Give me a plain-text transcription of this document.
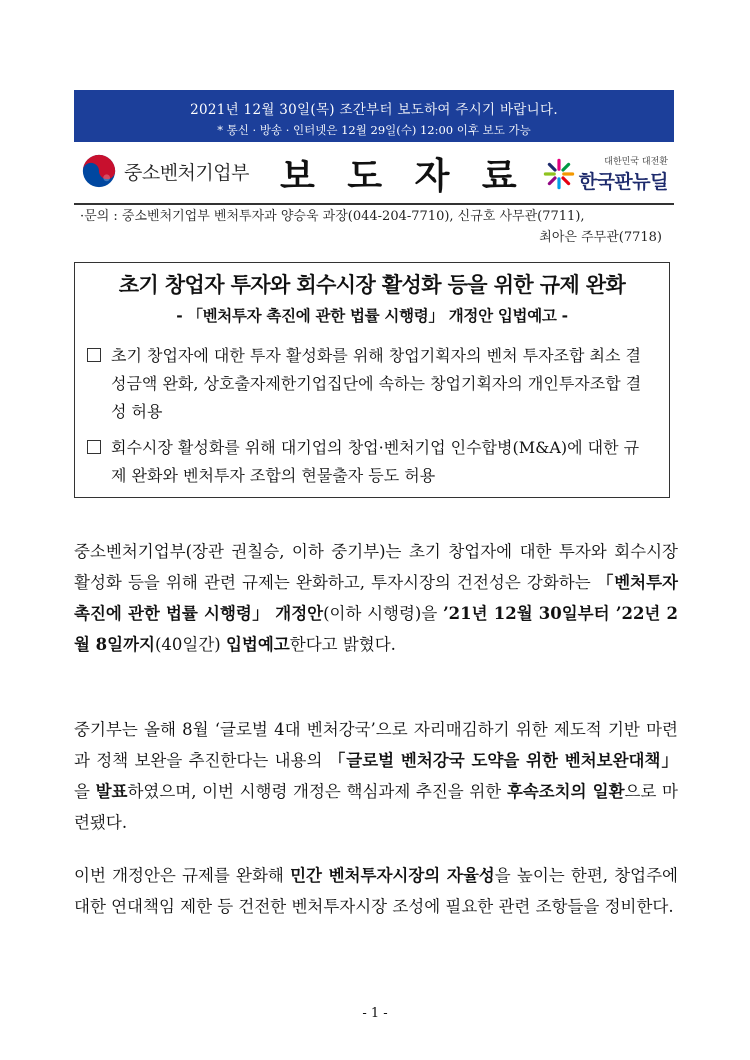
2021년 12월 30일(목) 조간부터 보도하여 주시기 바랍니다.
* 통신 · 방송 · 인터넷은 12월 29일(수) 12:00 이후 보도 가능
중소벤처기업부 보 도 자 료	대한민국 대전환
한국판뉴딜
·문의 : 중소벤처기업부 벤처투자과 양승욱 과장(044-204-7710), 신규호 사무관(7711),
최아은 주무관(7718)
초기 창업자 투자와 회수시장 활성화 등을 위한 규제 완화
- 「벤처투자 촉진에 관한 법률 시행령」 개정안 입법예고 -
초기 창업자에 대한 투자 활성화를 위해 창업기획자의 벤처 투자조합 최소 결성금액 완화, 상호출자제한기업집단에 속하는 창업기획자의 개인투자조합 결성 허용
회수시장 활성화를 위해 대기업의 창업·벤처기업 인수합병(M&A)에 대한 규제 완화와 벤처투자 조합의 현물출자 등도 허용
중소벤처기업부(장관 권칠승, 이하 중기부)는 초기 창업자에 대한 투자와 회수시장 활성화 등을 위해 관련 규제는 완화하고, 투자시장의 건전성은 강화하는 「벤처투자 촉진에 관한 법률 시행령」 개정안(이하 시행령)을 ’21년 12월 30일부터 ’22년 2월 8일까지(40일간) 입법예고한다고 밝혔다.
중기부는 올해 8월 ‘글로벌 4대 벤처강국’으로 자리매김하기 위한 제도적 기반 마련과 정책 보완을 추진한다는 내용의 「글로벌 벤처강국 도약을 위한 벤처보완대책」을 발표하였으며, 이번 시행령 개정은 핵심과제 추진을 위한 후속조치의 일환으로 마련됐다.
이번 개정안은 규제를 완화해 민간 벤처투자시장의 자율성을 높이는 한편, 창업주에 대한 연대책임 제한 등 건전한 벤처투자시장 조성에 필요한 관련 조항들을 정비한다.
- 1 -
